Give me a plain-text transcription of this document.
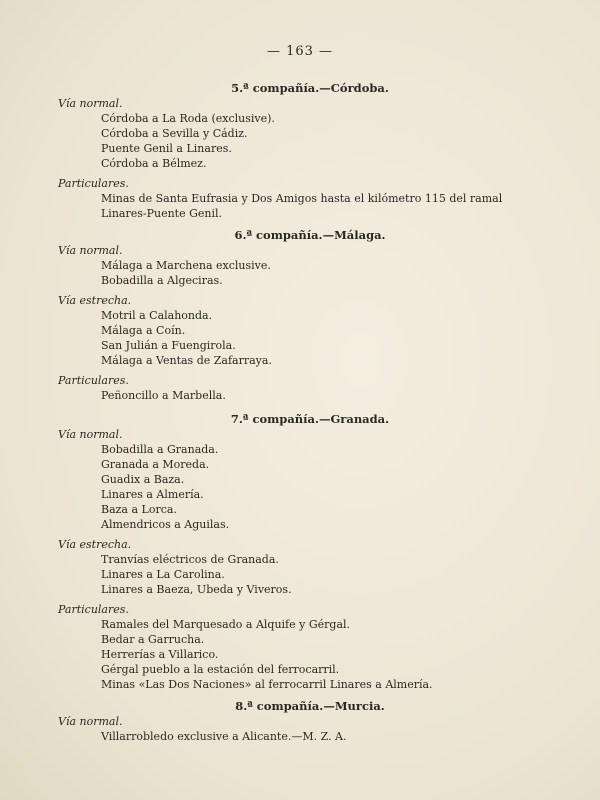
— 163 —
5.ª compañía.—Córdoba.
Vía normal.
Córdoba a La Roda (exclusive).
Córdoba a Sevilla y Cádiz.
Puente Genil a Linares.
Córdoba a Bélmez.
Particulares.
Minas de Santa Eufrasia y Dos Amigos hasta el kilómetro 115 del ramal Linares-Puente Genil.
6.ª compañía.—Málaga.
Vía normal.
Málaga a Marchena exclusive.
Bobadilla a Algeciras.
Vía estrecha.
Motril a Calahonda.
Málaga a Coín.
San Julián a Fuengirola.
Málaga a Ventas de Zafarraya.
Particulares.
Peñoncillo a Marbella.
7.ª compañía.—Granada.
Vía normal.
Bobadilla a Granada.
Granada a Moreda.
Guadix a Baza.
Linares a Almería.
Baza a Lorca.
Almendricos a Aguilas.
Vía estrecha.
Tranvías eléctricos de Granada.
Linares a La Carolina.
Linares a Baeza, Ubeda y Viveros.
Particulares.
Ramales del Marquesado a Alquife y Gérgal.
Bedar a Garrucha.
Herrerías a Villarico.
Gérgal pueblo a la estación del ferrocarril.
Minas «Las Dos Naciones» al ferrocarril Linares a Almería.
8.ª compañía.—Murcia.
Vía normal.
Villarrobledo exclusive a Alicante.—M. Z. A.
